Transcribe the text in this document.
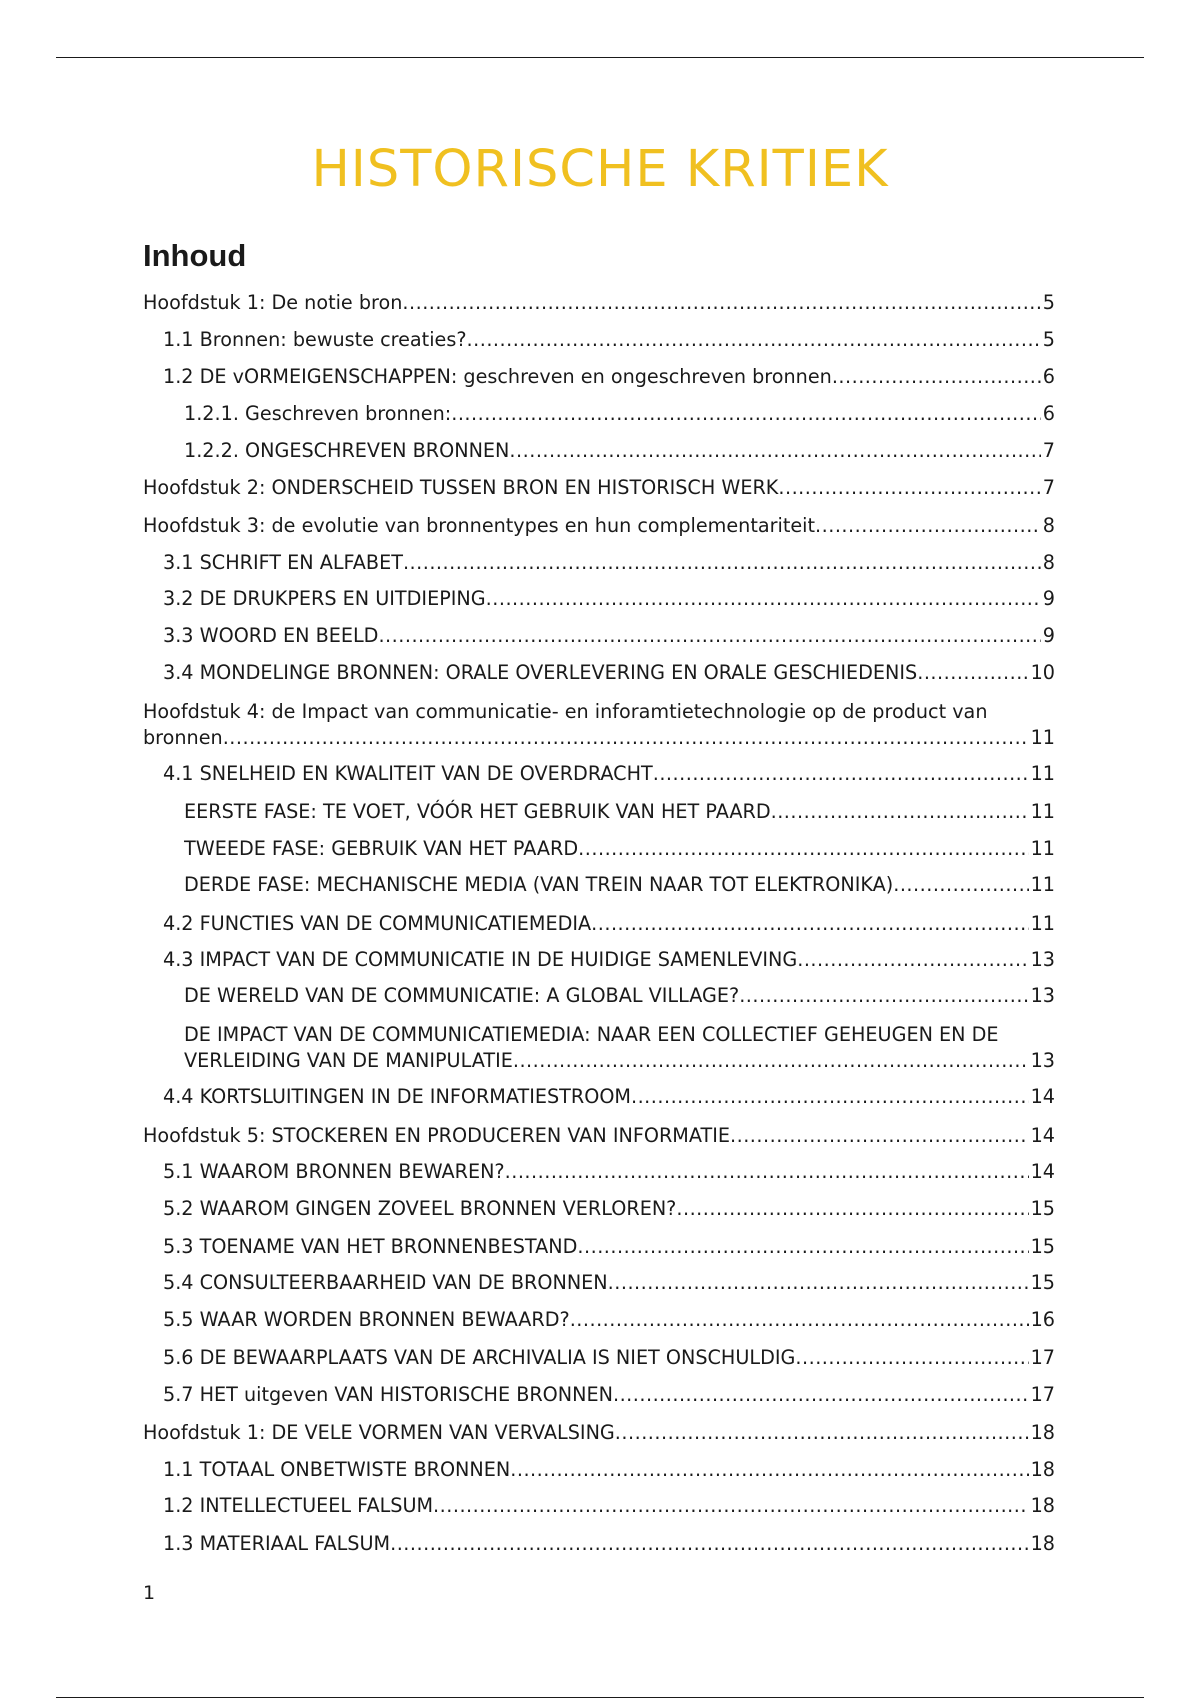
HISTORISCHE KRITIEK
Inhoud
Hoofdstuk 1: De notie bron .....	5
1.1 Bronnen: bewuste creaties? .....	5
1.2 DE vORMEIGENSCHAPPEN: geschreven en ongeschreven bronnen .....	6
1.2.1. Geschreven bronnen: .....	6
1.2.2. ONGESCHREVEN BRONNEN .....	7
Hoofdstuk 2: ONDERSCHEID TUSSEN BRON EN HISTORISCH WERK .....	7
Hoofdstuk 3: de evolutie van bronnentypes en hun complementariteit .....	8
3.1 SCHRIFT EN ALFABET .....	8
3.2 DE DRUKPERS EN UITDIEPING .....	9
3.3 WOORD EN BEELD .....	9
3.4 MONDELINGE BRONNEN: ORALE OVERLEVERING EN ORALE GESCHIEDENIS .....	10
Hoofdstuk 4: de Impact van communicatie- en inforamtietechnologie op de product van
bronnen .....	11
4.1 SNELHEID EN KWALITEIT VAN DE OVERDRACHT .....	11
EERSTE FASE: TE VOET, VÓÓR HET GEBRUIK VAN HET PAARD .....	11
TWEEDE FASE: GEBRUIK VAN HET PAARD .....	11
DERDE FASE: MECHANISCHE MEDIA (VAN TREIN NAAR TOT ELEKTRONIKA) .....	11
4.2 FUNCTIES VAN DE COMMUNICATIEMEDIA .....	11
4.3 IMPACT VAN DE COMMUNICATIE IN DE HUIDIGE SAMENLEVING .....	13
DE WERELD VAN DE COMMUNICATIE: A GLOBAL VILLAGE? .....	13
DE IMPACT VAN DE COMMUNICATIEMEDIA: NAAR EEN COLLECTIEF GEHEUGEN EN DE
VERLEIDING VAN DE MANIPULATIE .....	13
4.4 KORTSLUITINGEN IN DE INFORMATIESTROOM .....	14
Hoofdstuk 5: STOCKEREN EN PRODUCEREN VAN INFORMATIE .....	14
5.1 WAAROM BRONNEN BEWAREN? .....	14
5.2 WAAROM GINGEN ZOVEEL BRONNEN VERLOREN? .....	15
5.3 TOENAME VAN HET BRONNENBESTAND .....	15
5.4 CONSULTEERBAARHEID VAN DE BRONNEN .....	15
5.5 WAAR WORDEN BRONNEN BEWAARD? .....	16
5.6 DE BEWAARPLAATS VAN DE ARCHIVALIA IS NIET ONSCHULDIG .....	17
5.7 HET uitgeven VAN HISTORISCHE BRONNEN .....	17
Hoofdstuk 1: DE VELE VORMEN VAN VERVALSING .....	18
1.1 TOTAAL ONBETWISTE BRONNEN .....	18
1.2 INTELLECTUEEL FALSUM .....	18
1.3 MATERIAAL FALSUM .....	18
1
